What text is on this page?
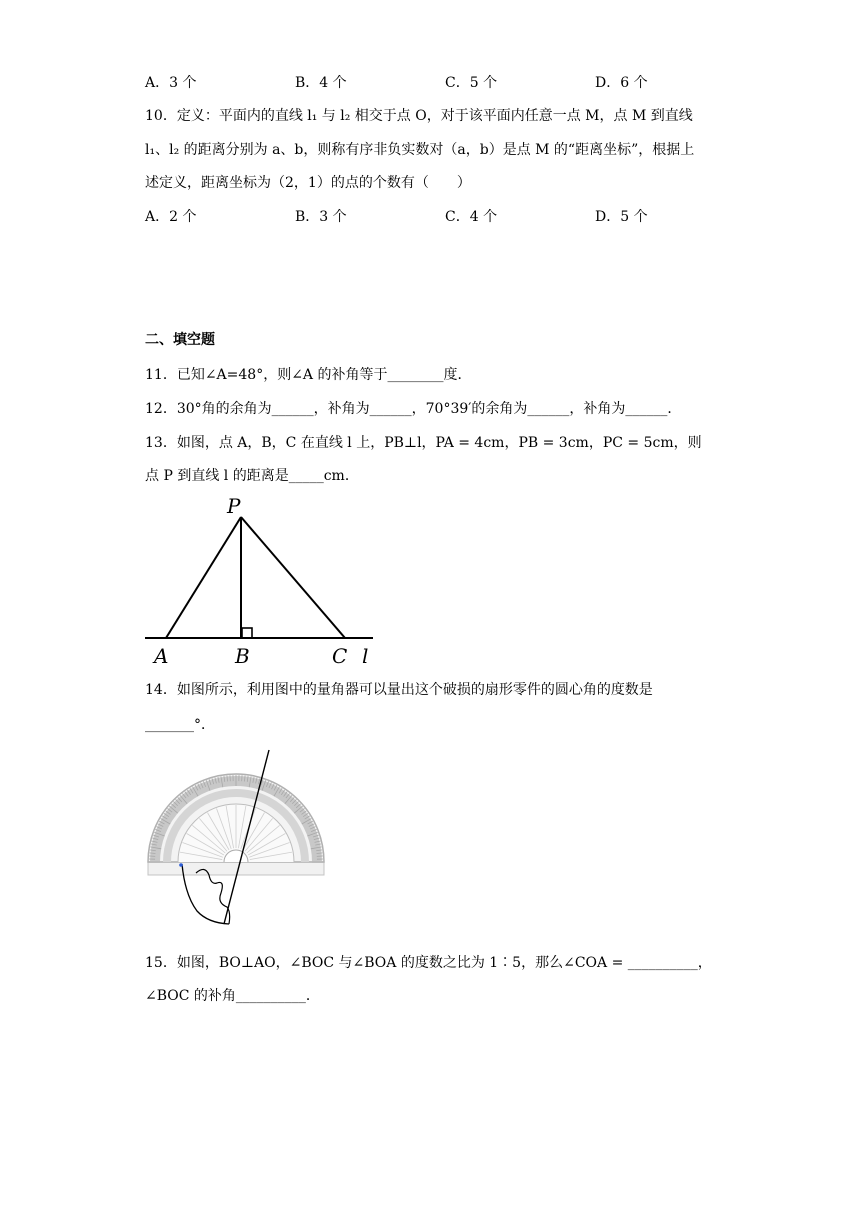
A．3 个	B．4 个	C．5 个	D．6 个
10．定义：平面内的直线 l₁ 与 l₂ 相交于点 O，对于该平面内任意一点 M，点 M 到直线
l₁、l₂ 的距离分别为 a、b，则称有序非负实数对（a，b）是点 M 的“距离坐标”，根据上
述定义，距离坐标为（2，1）的点的个数有（　　）
A．2 个	B．3 个	C．4 个	D．5 个
二、填空题
11．已知∠A=48°，则∠A 的补角等于________度．
12．30°角的余角为______，补角为______，70°39′的余角为______，补角为______．
13．如图，点 A，B，C 在直线 l 上，PB⊥l，PA = 4cm，PB = 3cm，PC = 5cm，则
点 P 到直线 l 的距离是_____cm．
P
A	B	C l
14．如图所示，利用图中的量角器可以量出这个破损的扇形零件的圆心角的度数是
_______°．
15．如图，BO⊥AO，∠BOC 与∠BOA 的度数之比为 1∶5，那么∠COA = __________，
∠BOC 的补角__________．
